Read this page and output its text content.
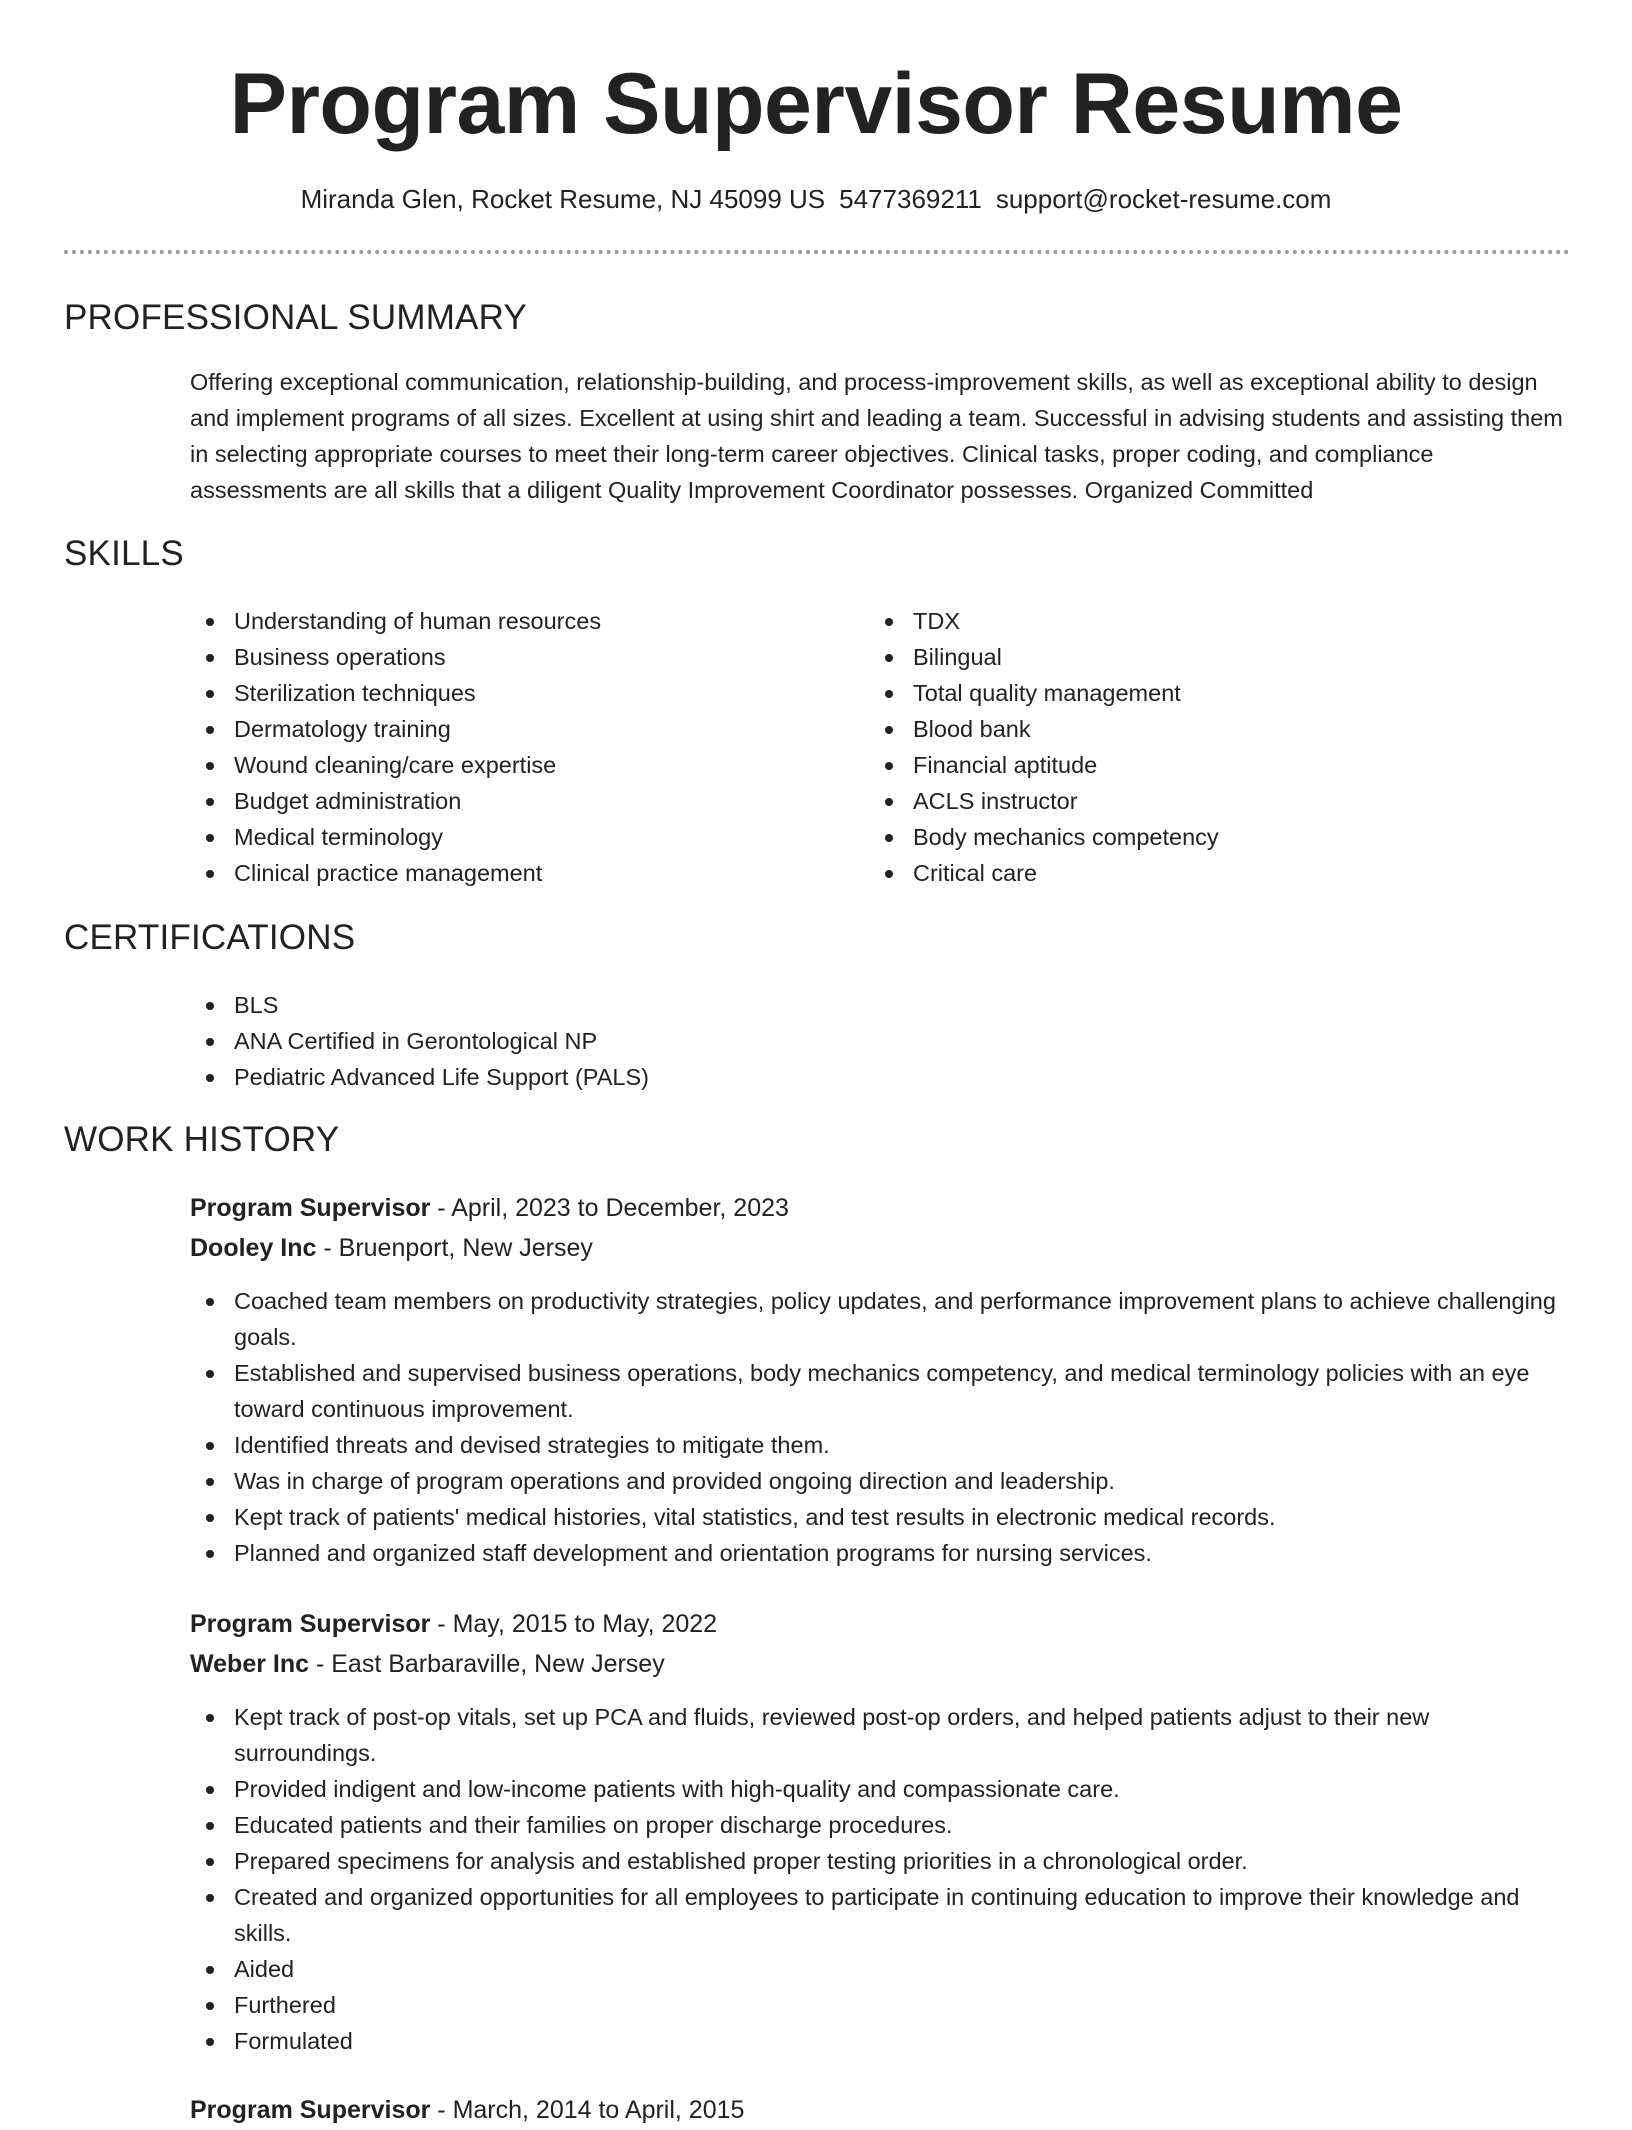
Program Supervisor Resume
Miranda Glen, Rocket Resume, NJ 45099 US 5477369211 support@rocket-resume.com
PROFESSIONAL SUMMARY

Offering exceptional communication, relationship-building, and process-improvement skills, as well as exceptional ability to design and implement programs of all sizes. Excellent at using shirt and leading a team. Successful in advising students and assisting them in selecting appropriate courses to meet their long-term career objectives. Clinical tasks, proper coding, and compliance assessments are all skills that a diligent Quality Improvement Coordinator possesses. Organized Committed

SKILLS
Understanding of human resources
Business operations
Sterilization techniques
Dermatology training
Wound cleaning/care expertise
Budget administration
Medical terminology
Clinical practice management
TDX
Bilingual
Total quality management
Blood bank
Financial aptitude
ACLS instructor
Body mechanics competency
Critical care
CERTIFICATIONS
BLS
ANA Certified in Gerontological NP
Pediatric Advanced Life Support (PALS)
WORK HISTORY
Program Supervisor - April, 2023 to December, 2023
Dooley Inc - Bruenport, New Jersey
Coached team members on productivity strategies, policy updates, and performance improvement plans to achieve challenging goals.
Established and supervised business operations, body mechanics competency, and medical terminology policies with an eye toward continuous improvement.
Identified threats and devised strategies to mitigate them.
Was in charge of program operations and provided ongoing direction and leadership.
Kept track of patients' medical histories, vital statistics, and test results in electronic medical records.
Planned and organized staff development and orientation programs for nursing services.
Program Supervisor - May, 2015 to May, 2022
Weber Inc - East Barbaraville, New Jersey
Kept track of post-op vitals, set up PCA and fluids, reviewed post-op orders, and helped patients adjust to their new surroundings.
Provided indigent and low-income patients with high-quality and compassionate care.
Educated patients and their families on proper discharge procedures.
Prepared specimens for analysis and established proper testing priorities in a chronological order.
Created and organized opportunities for all employees to participate in continuing education to improve their knowledge and skills.
Aided
Furthered
Formulated
Program Supervisor - March, 2014 to April, 2015
